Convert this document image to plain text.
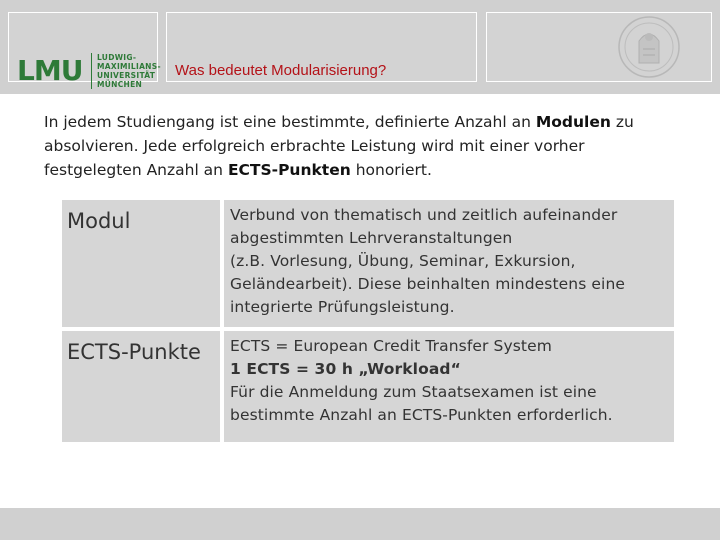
LMU LUDWIG-
MAXIMILIANS-
UNIVERSITÄT
MÜNCHEN
Was bedeutet Modularisierung?
In jedem Studiengang ist eine bestimmte, definierte Anzahl an Modulen zu
absolvieren. Jede erfolgreich erbrachte Leistung wird mit einer vorher
festgelegten Anzahl an ECTS-Punkten honoriert.
Modul	Verbund von thematisch und zeitlich aufeinander
abgestimmten Lehrveranstaltungen
(z.B. Vorlesung, Übung, Seminar, Exkursion,
Geländearbeit). Diese beinhalten mindestens eine
integrierte Prüfungsleistung.
ECTS-Punkte ECTS = European Credit Transfer System
1 ECTS = 30 h „Workload“
Für die Anmeldung zum Staatsexamen ist eine
bestimmte Anzahl an ECTS-Punkten erforderlich.
